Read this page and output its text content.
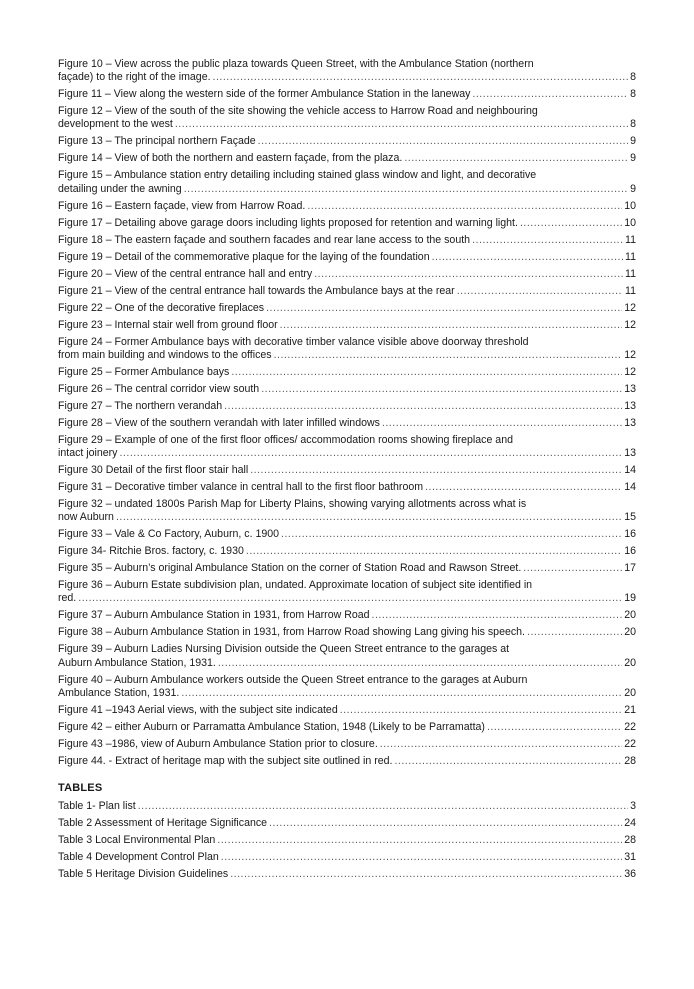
Figure 10 – View across the public plaza towards Queen Street, with the Ambulance Station (northern
façade) to the right of the image. .....	8
Figure 11 – View along the western side of the former Ambulance Station in the laneway .....	8
Figure 12 – View of the south of the site showing the vehicle access to Harrow Road and neighbouring
development to the west .....	8
Figure 13 – The principal northern Façade .....	9
Figure 14 – View of both the northern and eastern façade, from the plaza. .....	9
Figure 15 – Ambulance station entry detailing including stained glass window and light, and decorative
detailing under the awning .....	9
Figure 16 – Eastern façade, view from Harrow Road. .....	10
Figure 17 – Detailing above garage doors including lights proposed for retention and warning light. .....	10
Figure 18 – The eastern façade and southern facades and rear lane access to the south .....	11
Figure 19 – Detail of the commemorative plaque for the laying of the foundation .....	11
Figure 20 – View of the central entrance hall and entry .....	11
Figure 21 – View of the central entrance hall towards the Ambulance bays at the rear .....	11
Figure 22 – One of the decorative fireplaces .....	12
Figure 23 – Internal stair well from ground floor .....	12
Figure 24 – Former Ambulance bays with decorative timber valance visible above doorway threshold
from main building and windows to the offices .....	12
Figure 25 – Former Ambulance bays .....	12
Figure 26 – The central corridor view south .....	13
Figure 27 – The northern verandah .....	13
Figure 28 – View of the southern verandah with later infilled windows .....	13
Figure 29 – Example of one of the first floor offices/ accommodation rooms showing fireplace and
intact joinery .....	13
Figure 30 Detail of the first floor stair hall .....	14
Figure 31 – Decorative timber valance in central hall to the first floor bathroom .....	14
Figure 32 – undated 1800s Parish Map for Liberty Plains, showing varying allotments across what is
now Auburn .....	15
Figure 33 – Vale & Co Factory, Auburn, c. 1900 .....	16
Figure 34- Ritchie Bros. factory, c. 1930 .....	16
Figure 35 – Auburn’s original Ambulance Station on the corner of Station Road and Rawson Street. .....	17
Figure 36 – Auburn Estate subdivision plan, undated. Approximate location of subject site identified in
red. .....	19
Figure 37 – Auburn Ambulance Station in 1931, from Harrow Road .....	20
Figure 38 – Auburn Ambulance Station in 1931, from Harrow Road showing Lang giving his speech. .....	20
Figure 39 – Auburn Ladies Nursing Division outside the Queen Street entrance to the garages at
Auburn Ambulance Station, 1931. .....	20
Figure 40 – Auburn Ambulance workers outside the Queen Street entrance to the garages at Auburn
Ambulance Station, 1931. .....	20
Figure 41 –1943 Aerial views, with the subject site indicated .....	21
Figure 42 – either Auburn or Parramatta Ambulance Station, 1948 (Likely to be Parramatta) .....	22
Figure 43 –1986, view of Auburn Ambulance Station prior to closure. .....	22
Figure 44. - Extract of heritage map with the subject site outlined in red. .....	28
TABLES
Table 1- Plan list .....	3
Table 2 Assessment of Heritage Significance .....	24
Table 3 Local Environmental Plan .....	28
Table 4 Development Control Plan .....	31
Table 5 Heritage Division Guidelines .....	36
